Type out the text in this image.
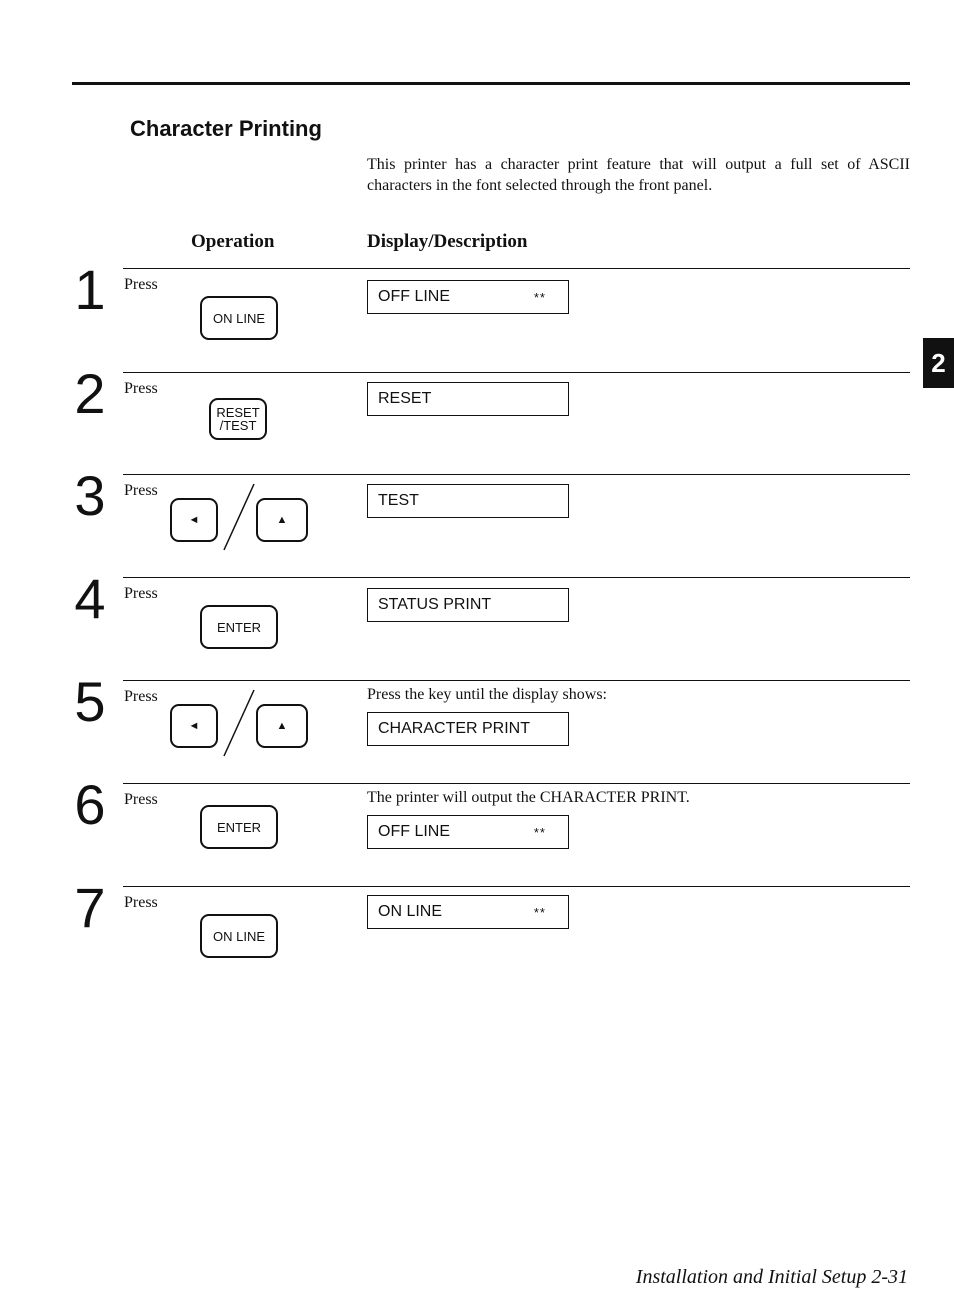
Character Printing
This printer has a character print feature that will output a full set of ASCII characters in the font selected through the front panel.
Operation	Display/Description
2
1 Press
ON LINE
OFF LINE	**
2 Press
RESET
/TEST
RESET
3 Press
◄	▲
TEST
4 Press
ENTER
STATUS PRINT
5 Press
◄	▲
Press the key until the display shows:
CHARACTER PRINT
6 Press
ENTER
The printer will output the CHARACTER PRINT.
OFF LINE	**
7 Press
ON LINE
ON LINE	**
Installation and Initial Setup 2-31
